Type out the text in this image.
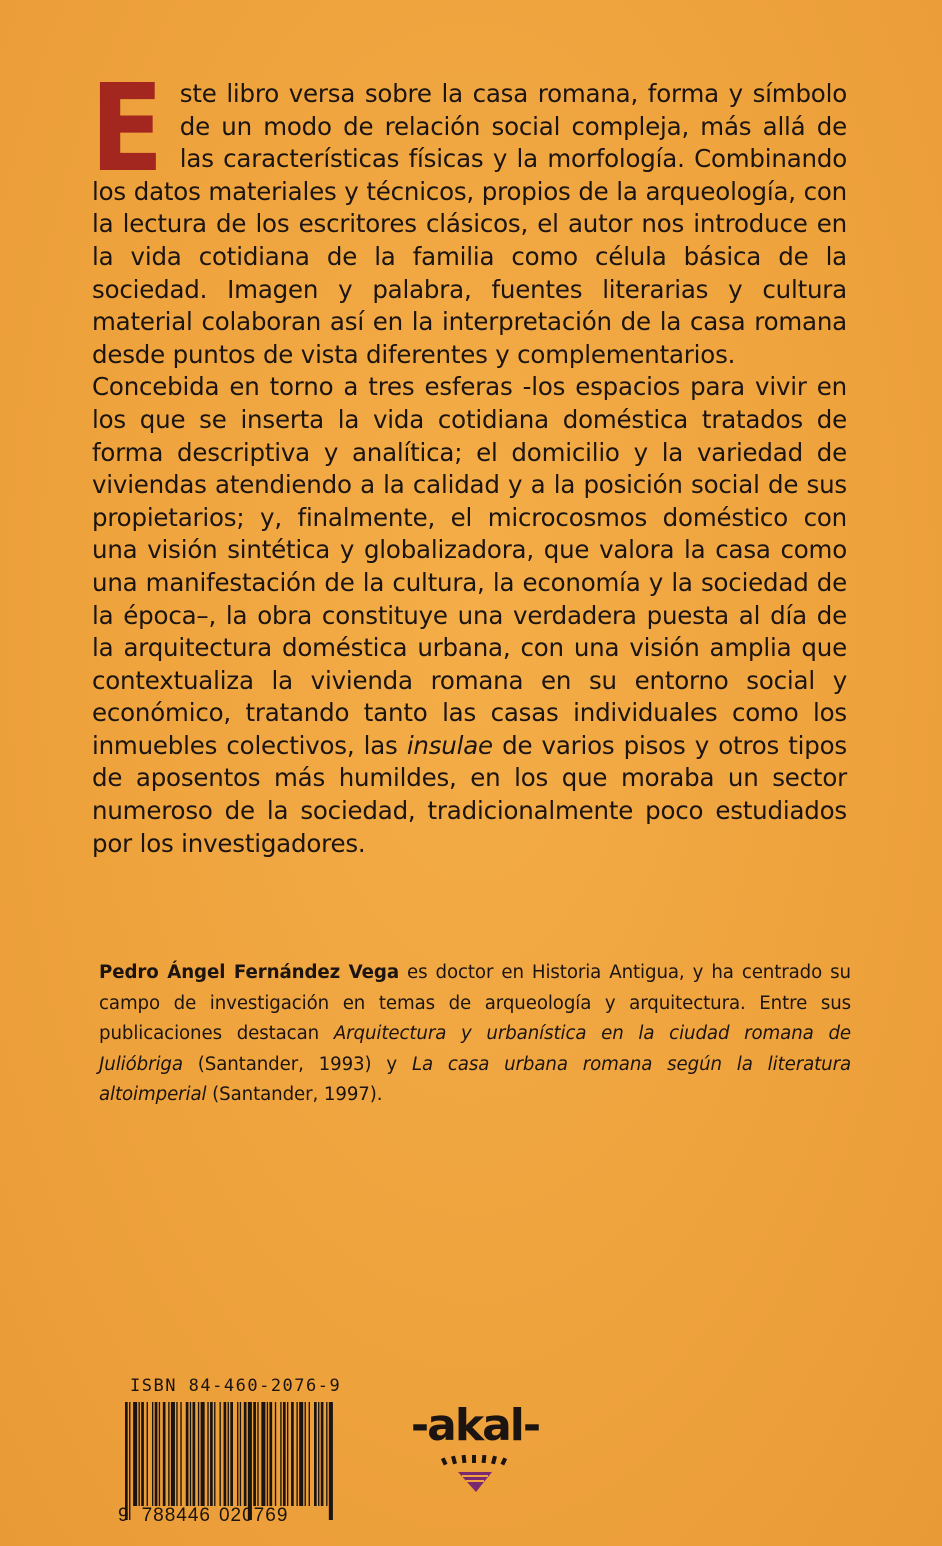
E ste libro versa sobre la casa romana, forma y símbolo de un modo de relación social compleja, más allá de las características físicas y la morfología. Combinando los datos materiales y técnicos, propios de la arqueología, con la lectura de los escritores clásicos, el autor nos introduce en la vida cotidiana de la familia como célula básica de la sociedad. Imagen y palabra, fuentes literarias y cultura material colaboran así en la interpretación de la casa romana desde puntos de vista diferentes y complementarios.

Concebida en torno a tres esferas -los espacios para vivir en los que se inserta la vida cotidiana doméstica tratados de forma descriptiva y analítica; el domicilio y la variedad de viviendas atendiendo a la calidad y a la posición social de sus propietarios; y, finalmente, el microcosmos doméstico con una visión sintética y globalizadora, que valora la casa como una manifestación de la cultura, la economía y la sociedad de la época–, la obra constituye una verdadera puesta al día de la arquitectura doméstica urbana, con una visión amplia que contextualiza la vivienda romana en su entorno social y económico, tratando tanto las casas individuales como los inmuebles colectivos, las insulae de varios pisos y otros tipos de aposentos más humildes, en los que moraba un sector numeroso de la sociedad, tradicionalmente poco estudiados por los investigadores.

Pedro Ángel Fernández Vega es doctor en Historia Antigua, y ha centrado su campo de investigación en temas de arqueología y arquitectura. Entre sus publicaciones destacan Arquitectura y urbanística en la ciudad romana de Julióbriga (Santander, 1993) y La casa urbana romana según la literatura altoimperial (Santander, 1997).

ISBN 84-460-2076-9
9 788446 020769
-akal-
